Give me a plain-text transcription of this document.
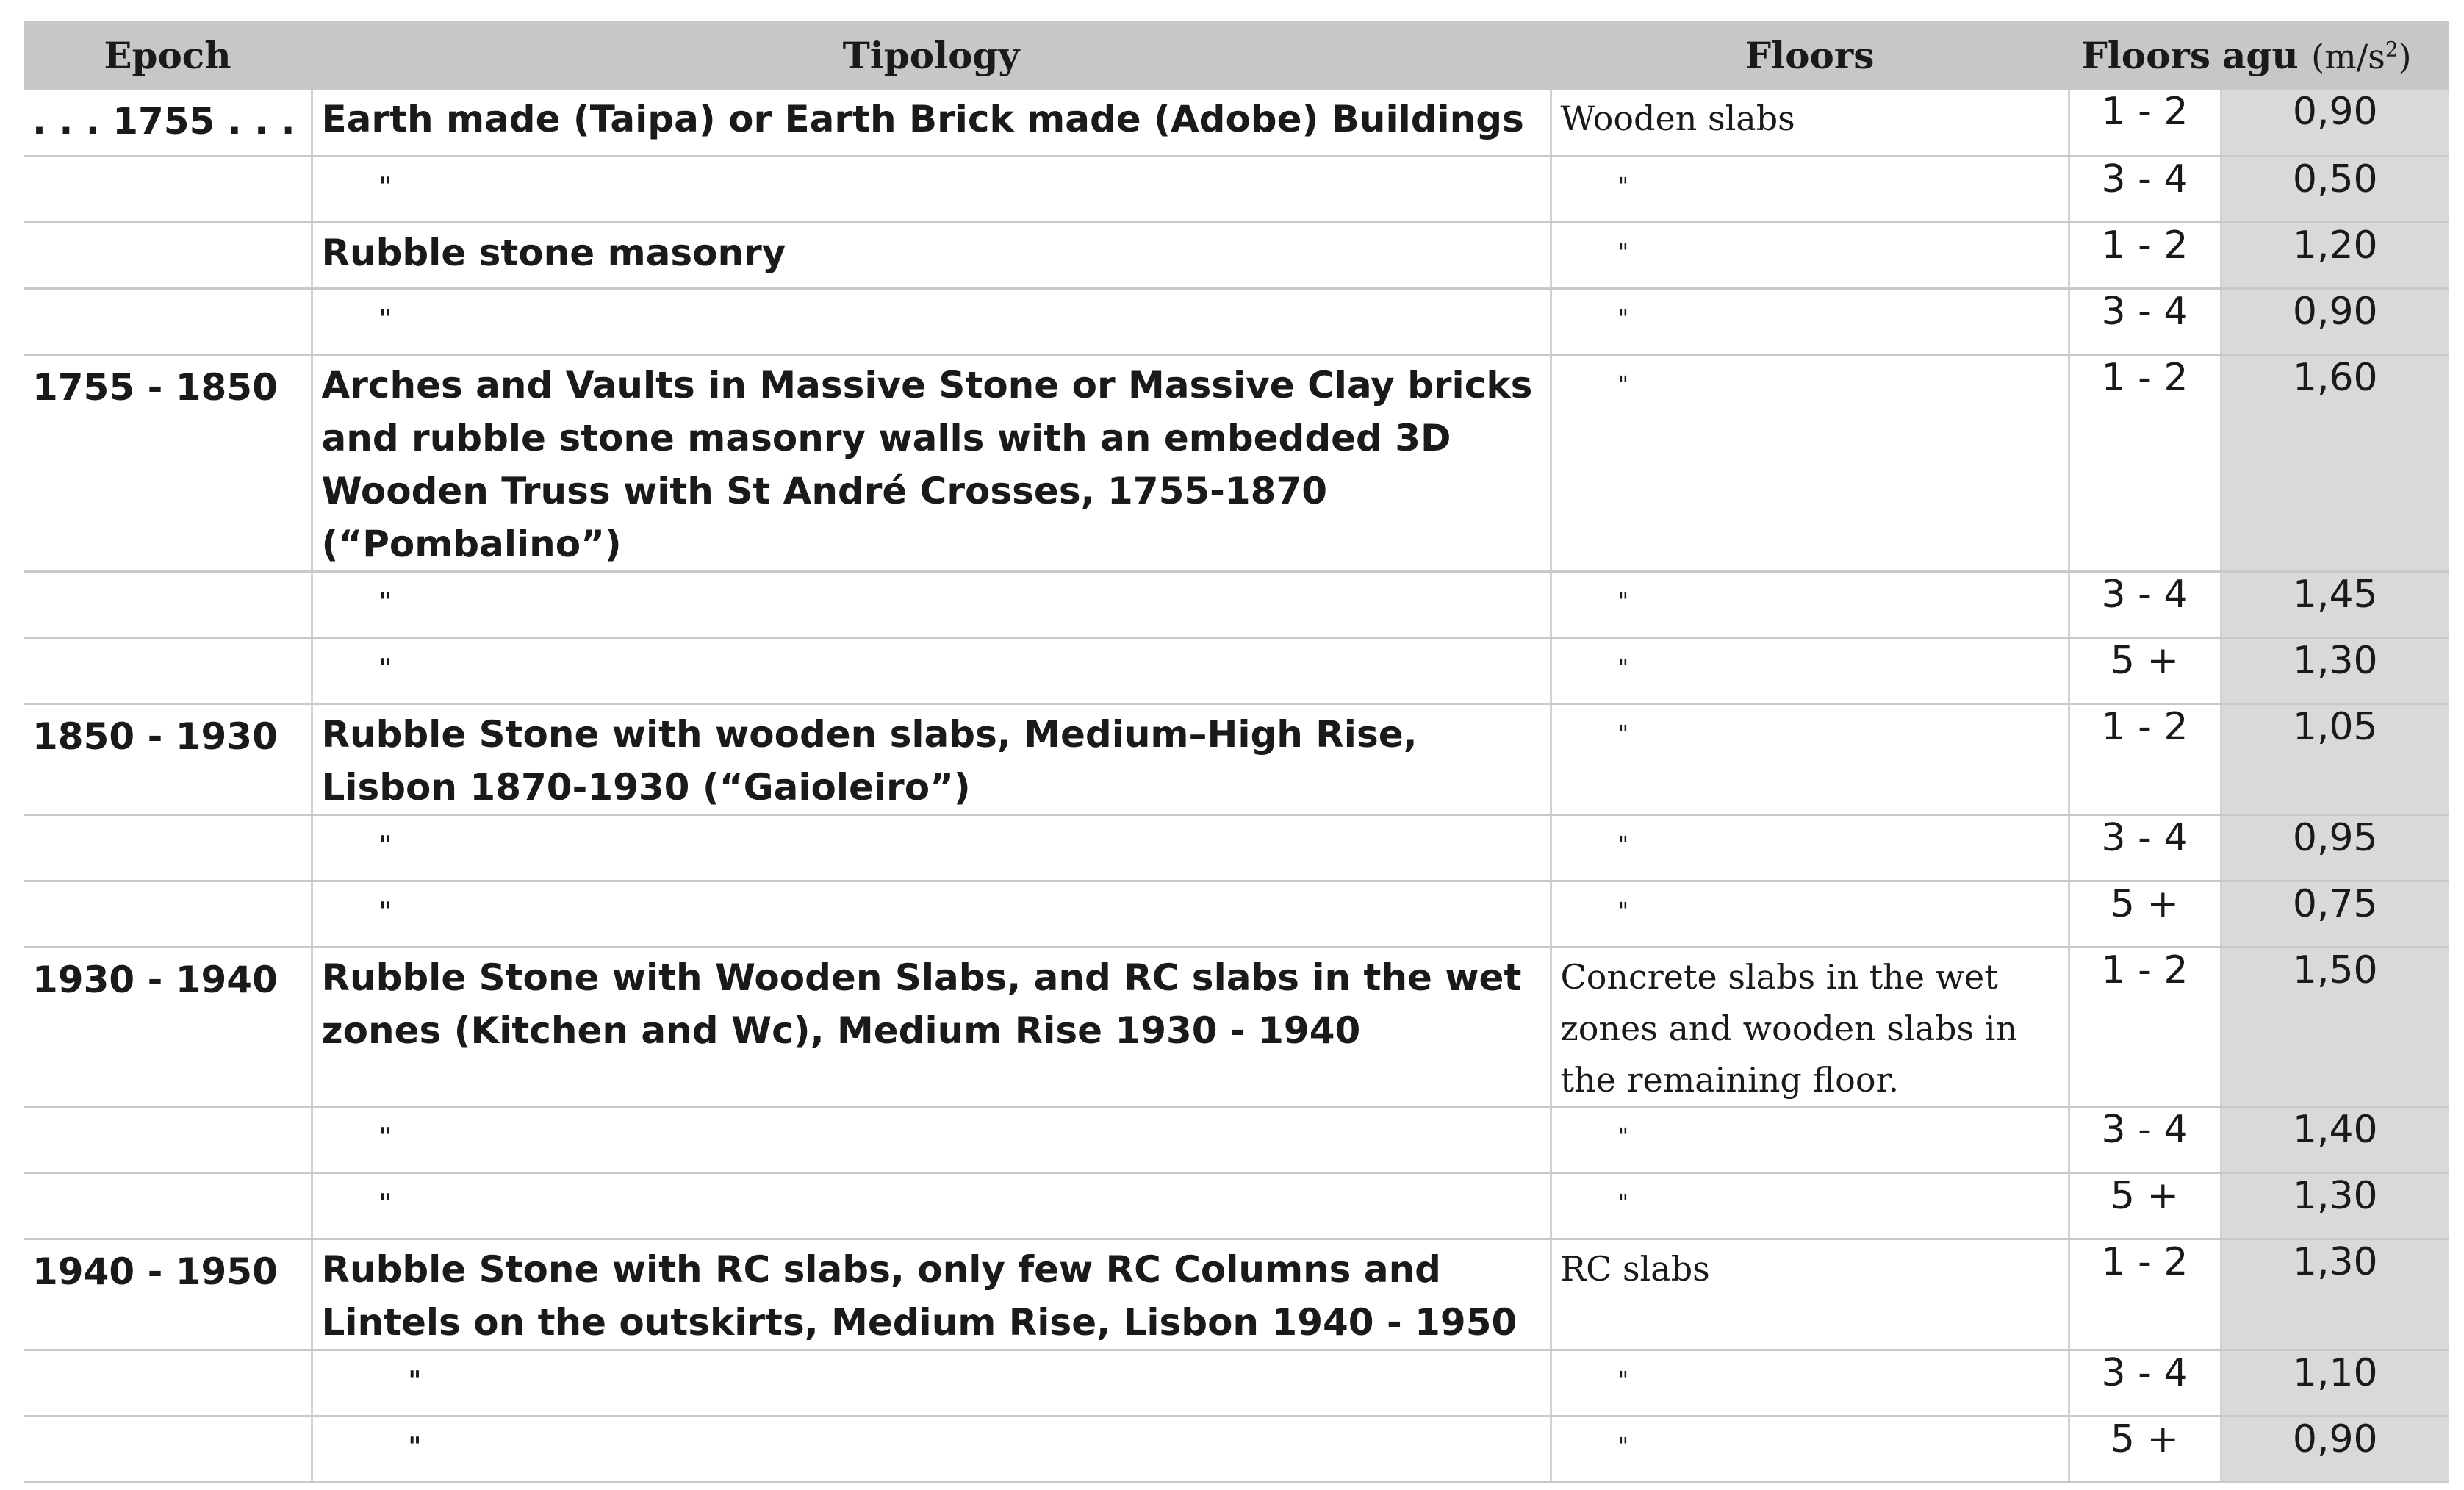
Epoch	Tipology	Floors	Floors	agu $(m/s^2)$
. . . 1755 . . .	Earth made (Taipa) or Earth Brick made (Adobe) Buildings	Wooden slabs	1 - 2	0,90
	"	"	3 - 4	0,50
	Rubble stone masonry	"	1 - 2	1,20
	"	"	3 - 4	0,90
1755 - 1850	Arches and Vaults in Massive Stone or Massive Clay bricks and rubble stone masonry walls with an embedded 3D Wooden Truss with St André Crosses, 1755-1870 (“Pombalino”)	"	1 - 2	1,60
	"	"	3 - 4	1,45
	"	"	5 +	1,30
1850 - 1930	Rubble Stone with wooden slabs, Medium–High Rise, Lisbon 1870-1930 (“Gaioleiro”)	"	1 - 2	1,05
	"	"	3 - 4	0,95
	"	"	5 +	0,75
1930 - 1940	Rubble Stone with Wooden Slabs, and RC slabs in the wet zones (Kitchen and Wc), Medium Rise 1930 - 1940	Concrete slabs in the wet zones and wooden slabs in the remaining floor.	1 - 2	1,50
	"	"	3 - 4	1,40
	"	"	5 +	1,30
1940 - 1950	Rubble Stone with RC slabs, only few RC Columns and Lintels on the outskirts, Medium Rise, Lisbon 1940 - 1950	RC slabs	1 - 2	1,30
	"	"	3 - 4	1,10
	"	"	5 +	0,90
